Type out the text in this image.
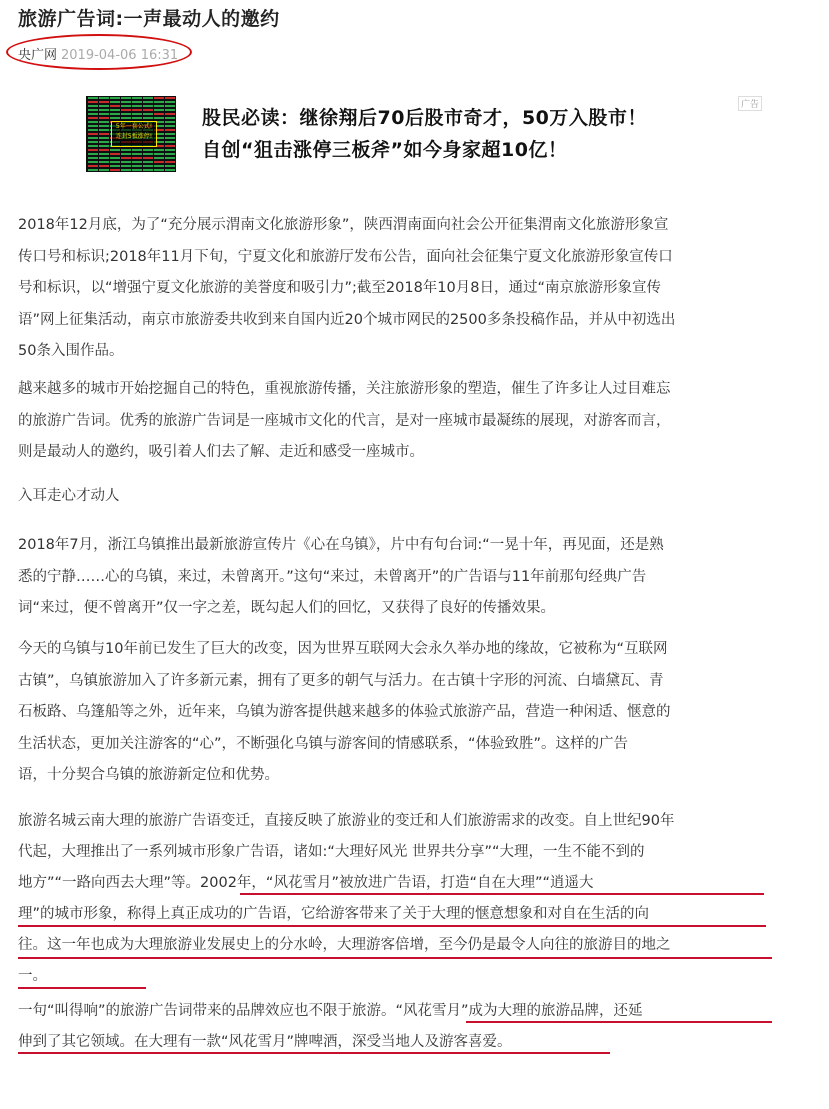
旅游广告词:一声最动人的邀约
央广网 2019-04-06 16:31
5年一套公式!
连封5板涨停!
股民必读：继徐翔后70后股市奇才，50万入股市！
自创“狙击涨停三板斧”如今身家超10亿！
广告
2018年12月底，为了“充分展示渭南文化旅游形象”，陕西渭南面向社会公开征集渭南文化旅游形象宣
传口号和标识;2018年11月下旬，宁夏文化和旅游厅发布公告，面向社会征集宁夏文化旅游形象宣传口
号和标识，以“增强宁夏文化旅游的美誉度和吸引力”;截至2018年10月8日，通过“南京旅游形象宣传
语”网上征集活动，南京市旅游委共收到来自国内近20个城市网民的2500多条投稿作品，并从中初选出
50条入围作品。
越来越多的城市开始挖掘自己的特色，重视旅游传播，关注旅游形象的塑造，催生了许多让人过目难忘
的旅游广告词。优秀的旅游广告词是一座城市文化的代言，是对一座城市最凝练的展现，对游客而言，
则是最动人的邀约，吸引着人们去了解、走近和感受一座城市。
入耳走心才动人
2018年7月，浙江乌镇推出最新旅游宣传片《心在乌镇》，片中有句台词:“一晃十年，再见面，还是熟
悉的宁静……心的乌镇，来过，未曾离开。”这句“来过，未曾离开”的广告语与11年前那句经典广告
词“来过，便不曾离开”仅一字之差，既勾起人们的回忆，又获得了良好的传播效果。
今天的乌镇与10年前已发生了巨大的改变，因为世界互联网大会永久举办地的缘故，它被称为“互联网
古镇”，乌镇旅游加入了许多新元素，拥有了更多的朝气与活力。在古镇十字形的河流、白墙黛瓦、青
石板路、乌篷船等之外，近年来，乌镇为游客提供越来越多的体验式旅游产品，营造一种闲适、惬意的
生活状态，更加关注游客的“心”，不断强化乌镇与游客间的情感联系，“体验致胜”。这样的广告
语，十分契合乌镇的旅游新定位和优势。
旅游名城云南大理的旅游广告语变迁，直接反映了旅游业的变迁和人们旅游需求的改变。自上世纪90年
代起，大理推出了一系列城市形象广告语，诸如:“大理好风光 世界共分享”“大理，一生不能不到的
地方”“一路向西去大理”等。2002年，“风花雪月”被放进广告语，打造“自在大理”“逍遥大
理”的城市形象，称得上真正成功的广告语，它给游客带来了关于大理的惬意想象和对自在生活的向
往。这一年也成为大理旅游业发展史上的分水岭，大理游客倍增，至今仍是最令人向往的旅游目的地之
一。
一句“叫得响”的旅游广告词带来的品牌效应也不限于旅游。“风花雪月”成为大理的旅游品牌，还延
伸到了其它领域。在大理有一款“风花雪月”牌啤酒，深受当地人及游客喜爱。
